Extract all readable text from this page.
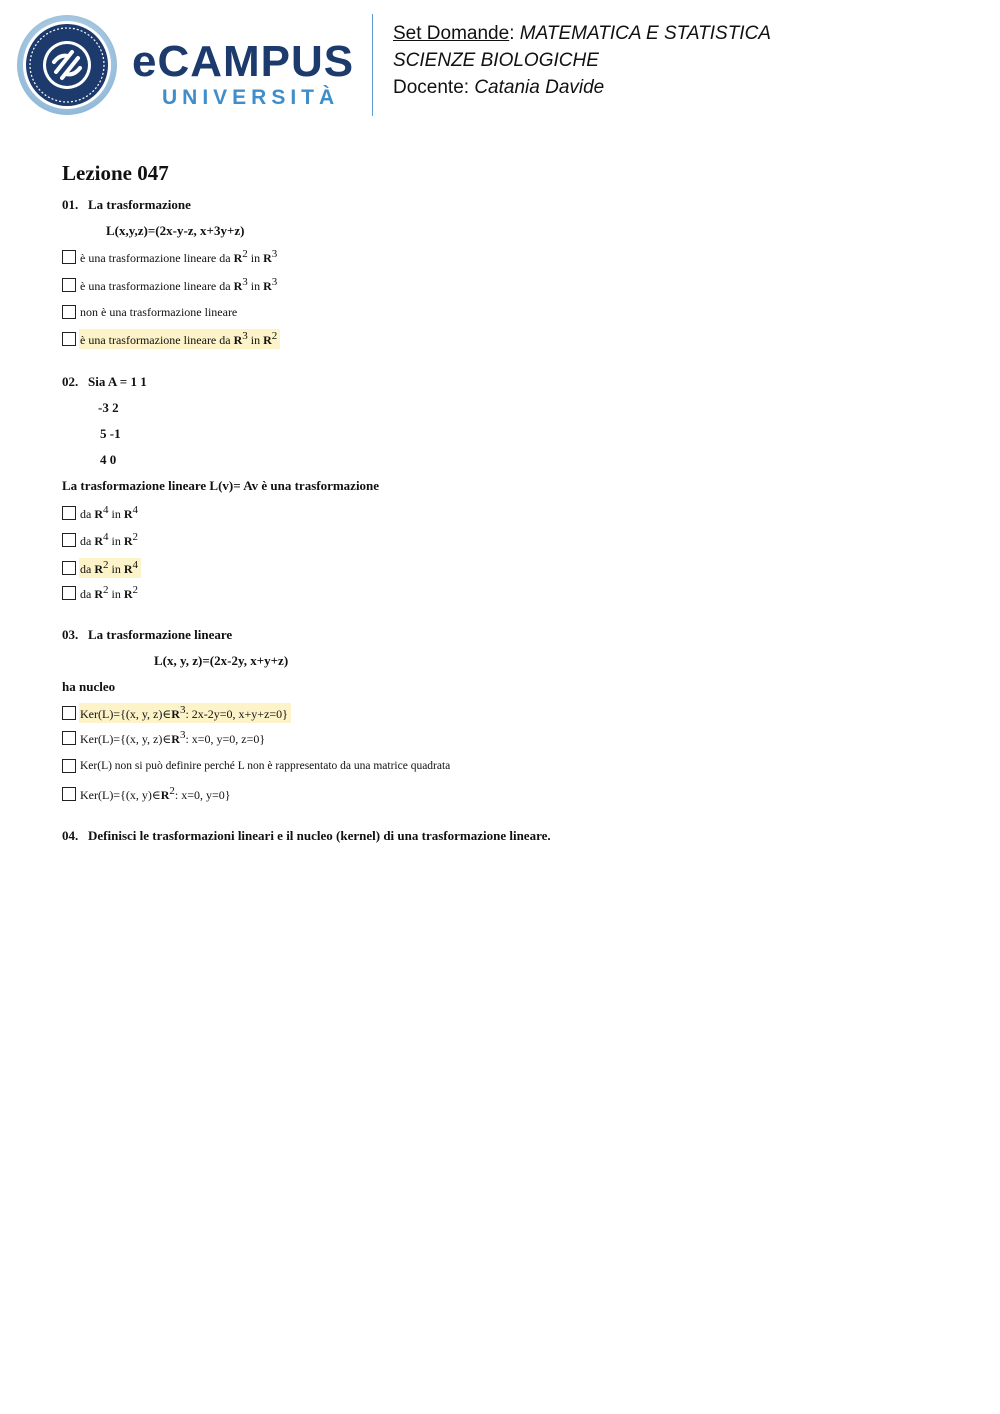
eCAMPUS
UNIVERSITÀ
Set Domande: MATEMATICA E STATISTICA
SCIENZE BIOLOGICHE
Docente: Catania Davide
Lezione 047
01. La trasformazione
L(x,y,z)=(2x-y-z, x+3y+z)
è una trasformazione lineare da $R^2$ in $R^3$
è una trasformazione lineare da $R^3$ in $R^3$
non è una trasformazione lineare
è una trasformazione lineare da $R^3$ in $R^2$
02. Sia A = 1 1
-3 2
5 -1
4 0
La trasformazione lineare L(v)= Av è una trasformazione
da $R^4$ in $R^4$
da $R^4$ in $R^2$
da $R^2$ in $R^4$
da $R^2$ in $R^2$
03. La trasformazione lineare
L(x, y, z)=(2x-2y, x+y+z)
ha nucleo
Ker(L)={(x, y, $z)\in R^3$: 2x-2y=0, x+y+z=0}
Ker(L)={(x, y, $z)\in R^3$: x=0, y=0, z=0}
Ker(L) non si può definire perché L non è rappresentato da una matrice quadrata
Ker(L)={(x, $y)\in R^2$: x=0, y=0}
04. Definisci le trasformazioni lineari e il nucleo (kernel) di una trasformazione lineare.
